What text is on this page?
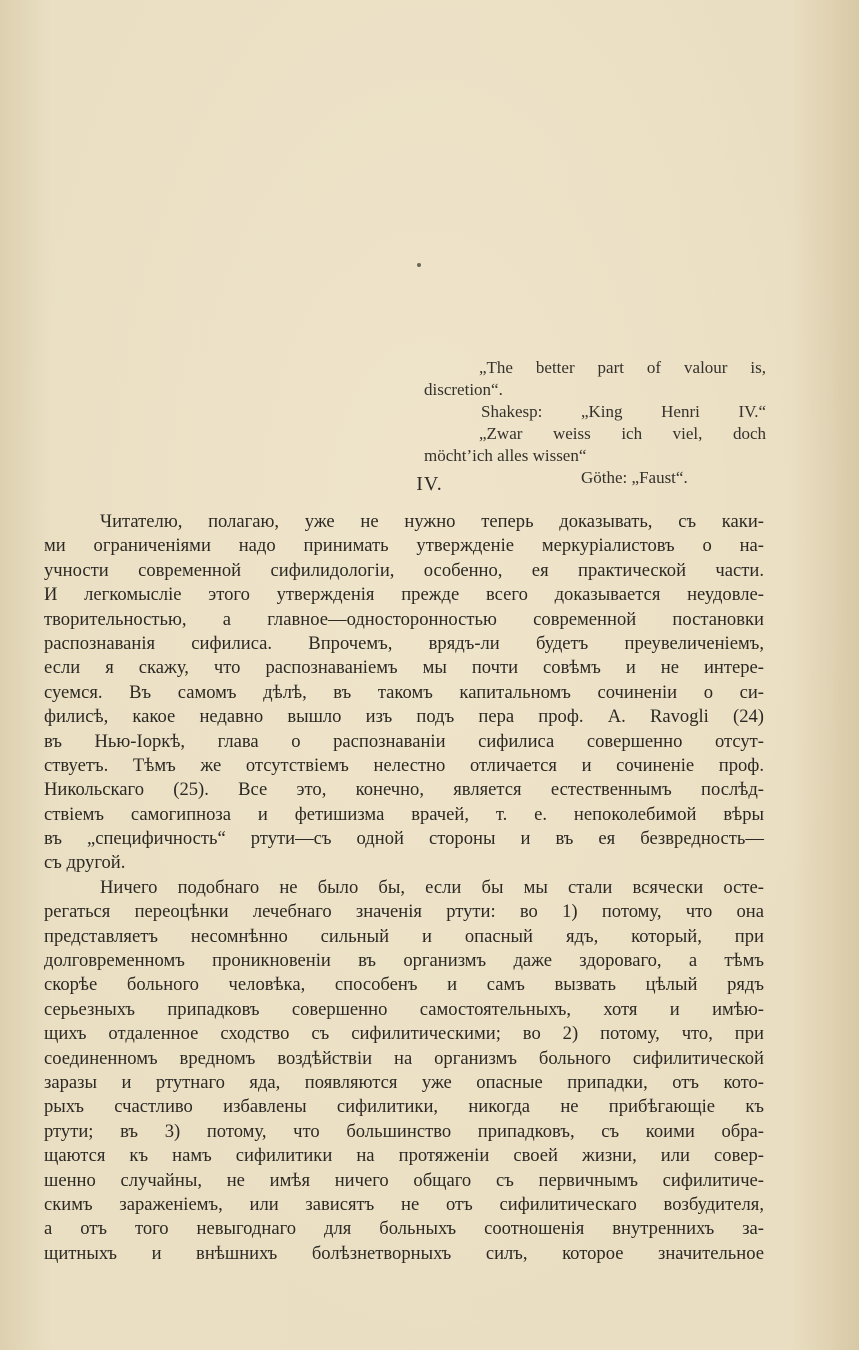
„The better part of valour is,
discretion“.
Shakesp: „King Henri IV.“
„Zwar weiss ich viel, doch
möcht’ich alles wissen“
Göthe: „Faust“.
IV.
Читателю, полагаю, уже не нужно теперь доказывать, съ каки-
ми ограниченіями надо принимать утвержденіе меркуріалистовъ о на-
учности современной сифилидологіи, особенно, ея практической части.
И легкомысліе этого утвержденія прежде всего доказывается неудовле-
творительностью, а главное—односторонностью современной постановки
распознаванія сифилиса. Впрочемъ, врядъ-ли будетъ преувеличеніемъ,
если я скажу, что распознаваніемъ мы почти совѣмъ и не интере-
суемся. Въ самомъ дѣлѣ, въ такомъ капитальномъ сочиненіи о си-
филисѣ, какое недавно вышло изъ подъ пера проф. А. Ravogli (24)
въ Нью-Іоркѣ, глава о распознаваніи сифилиса совершенно отсут-
ствуетъ. Тѣмъ же отсутствіемъ нелестно отличается и сочиненіе проф.
Никольскаго (25). Все это, конечно, является естественнымъ послѣд-
ствіемъ самогипноза и фетишизма врачей, т. е. непоколебимой вѣры
въ „специфичность“ ртути—съ одной стороны и въ ея безвредность—
съ другой.
Ничего подобнаго не было бы, если бы мы стали всячески осте-
регаться переоцѣнки лечебнаго значенія ртути: во 1) потому, что она
представляетъ несомнѣнно сильный и опасный ядъ, который, при
долговременномъ проникновеніи въ организмъ даже здороваго, а тѣмъ
скорѣе больного человѣка, способенъ и самъ вызвать цѣлый рядъ
серьезныхъ припадковъ совершенно самостоятельныхъ, хотя и имѣю-
щихъ отдаленное сходство съ сифилитическими; во 2) потому, что, при
соединенномъ вредномъ воздѣйствіи на организмъ больного сифилитической
заразы и ртутнаго яда, появляются уже опасные припадки, отъ кото-
рыхъ счастливо избавлены сифилитики, никогда не прибѣгающіе къ
ртути; въ 3) потому, что большинство припадковъ, съ коими обра-
щаются къ намъ сифилитики на протяженіи своей жизни, или совер-
шенно случайны, не имѣя ничего общаго съ первичнымъ сифилитиче-
скимъ зараженіемъ, или зависятъ не отъ сифилитическаго возбудителя,
а отъ того невыгоднаго для больныхъ соотношенія внутреннихъ за-
щитныхъ и внѣшнихъ болѣзнетворныхъ силъ, которое значительное
